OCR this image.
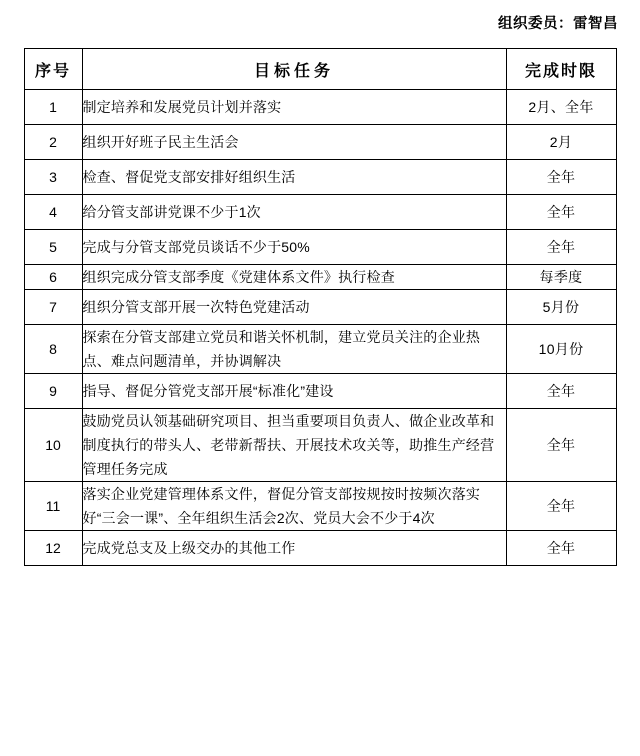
组织委员：雷智昌
序号	目标任务	完成时限
1	制定培养和发展党员计划并落实	2月、全年
2	组织开好班子民主生活会	2月
3	检查、督促党支部安排好组织生活	全年
4	给分管支部讲党课不少于1次	全年
5	完成与分管支部党员谈话不少于50%	全年
6	组织完成分管支部季度《党建体系文件》执行检查	每季度
7	组织分管支部开展一次特色党建活动	5月份
8	探索在分管支部建立党员和谐关怀机制，建立党员关注的企业热点、难点问题清单，并协调解决	10月份
9	指导、督促分管党支部开展“标准化”建设	全年
10	鼓励党员认领基础研究项目、担当重要项目负责人、做企业改革和制度执行的带头人、老带新帮扶、开展技术攻关等，助推生产经营管理任务完成	全年
11	落实企业党建管理体系文件，督促分管支部按规按时按频次落实好“三会一课”、全年组织生活会2次、党员大会不少于4次	全年
12	完成党总支及上级交办的其他工作	全年
